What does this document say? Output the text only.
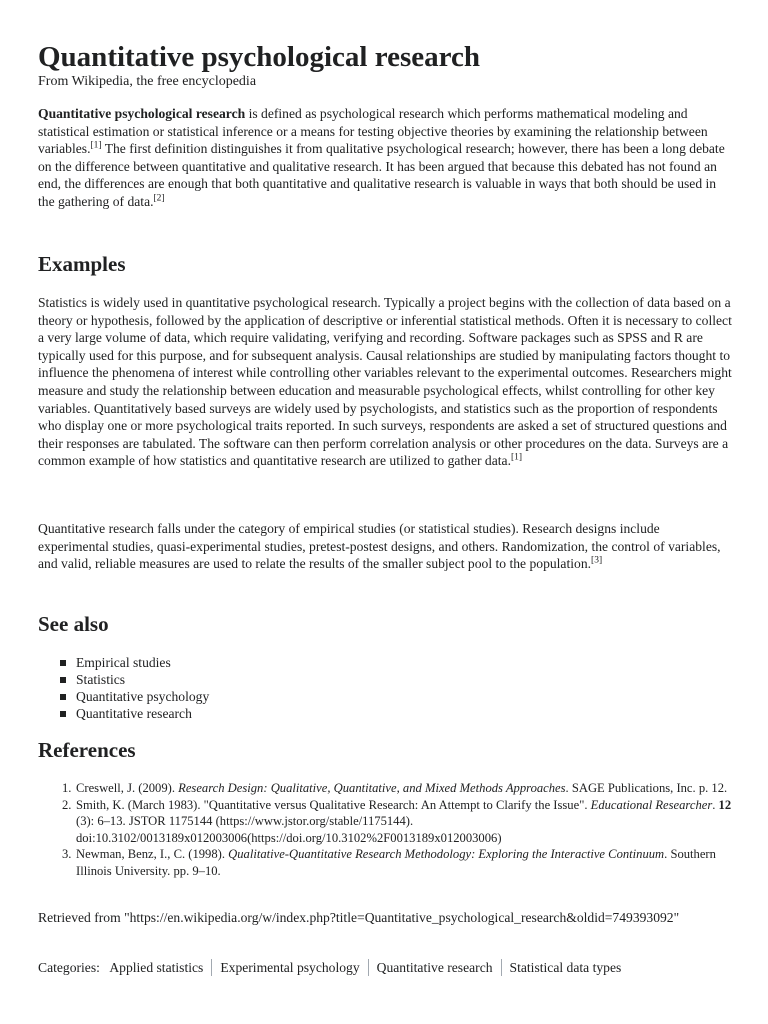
Quantitative psychological research
From Wikipedia, the free encyclopedia

Quantitative psychological research is defined as psychological research which performs mathematical modeling and statistical estimation or statistical inference or a means for testing objective theories by examining the relationship between variables.[1] The first definition distinguishes it from qualitative psychological research; however, there has been a long debate on the difference between quantitative and qualitative research. It has been argued that because this debated has not found an end, the differences are enough that both quantitative and qualitative research is valuable in ways that both should be used in the gathering of data.[2]

Examples

Statistics is widely used in quantitative psychological research. Typically a project begins with the collection of data based on a theory or hypothesis, followed by the application of descriptive or inferential statistical methods. Often it is necessary to collect a very large volume of data, which require validating, verifying and recording. Software packages such as SPSS and R are typically used for this purpose, and for subsequent analysis. Causal relationships are studied by manipulating factors thought to influence the phenomena of interest while controlling other variables relevant to the experimental outcomes. Researchers might measure and study the relationship between education and measurable psychological effects, whilst controlling for other key variables. Quantitatively based surveys are widely used by psychologists, and statistics such as the proportion of respondents who display one or more psychological traits reported. In such surveys, respondents are asked a set of structured questions and their responses are tabulated. The software can then perform correlation analysis or other procedures on the data. Surveys are a common example of how statistics and quantitative research are utilized to gather data.[1]

Quantitative research falls under the category of empirical studies (or statistical studies). Research designs include experimental studies, quasi-experimental studies, pretest-postest designs, and others. Randomization, the control of variables, and valid, reliable measures are used to relate the results of the smaller subject pool to the population.[3]

See also
Empirical studies
Statistics
Quantitative psychology
Quantitative research
References
1. Creswell, J. (2009). Research Design: Qualitative, Quantitative, and Mixed Methods Approaches. SAGE Publications, Inc. p. 12.
2. Smith, K. (March 1983). "Quantitative versus Qualitative Research: An Attempt to Clarify the Issue". Educational Researcher. 12 (3): 6–13. JSTOR 1175144 (https://www.jstor.org/stable/1175144). doi:10.3102/0013189x012003006(https://doi.org/10.3102%2F0013189x012003006)
3. Newman, Benz, I., C. (1998). Qualitative-Quantitative Research Methodology: Exploring the Interactive Continuum. Southern Illinois University. pp. 9–10.
Retrieved from "https://en.wikipedia.org/w/index.php?title=Quantitative_psychological_research&oldid=749393092"
Categories: Applied statistics Experimental psychology Quantitative research Statistical data types
